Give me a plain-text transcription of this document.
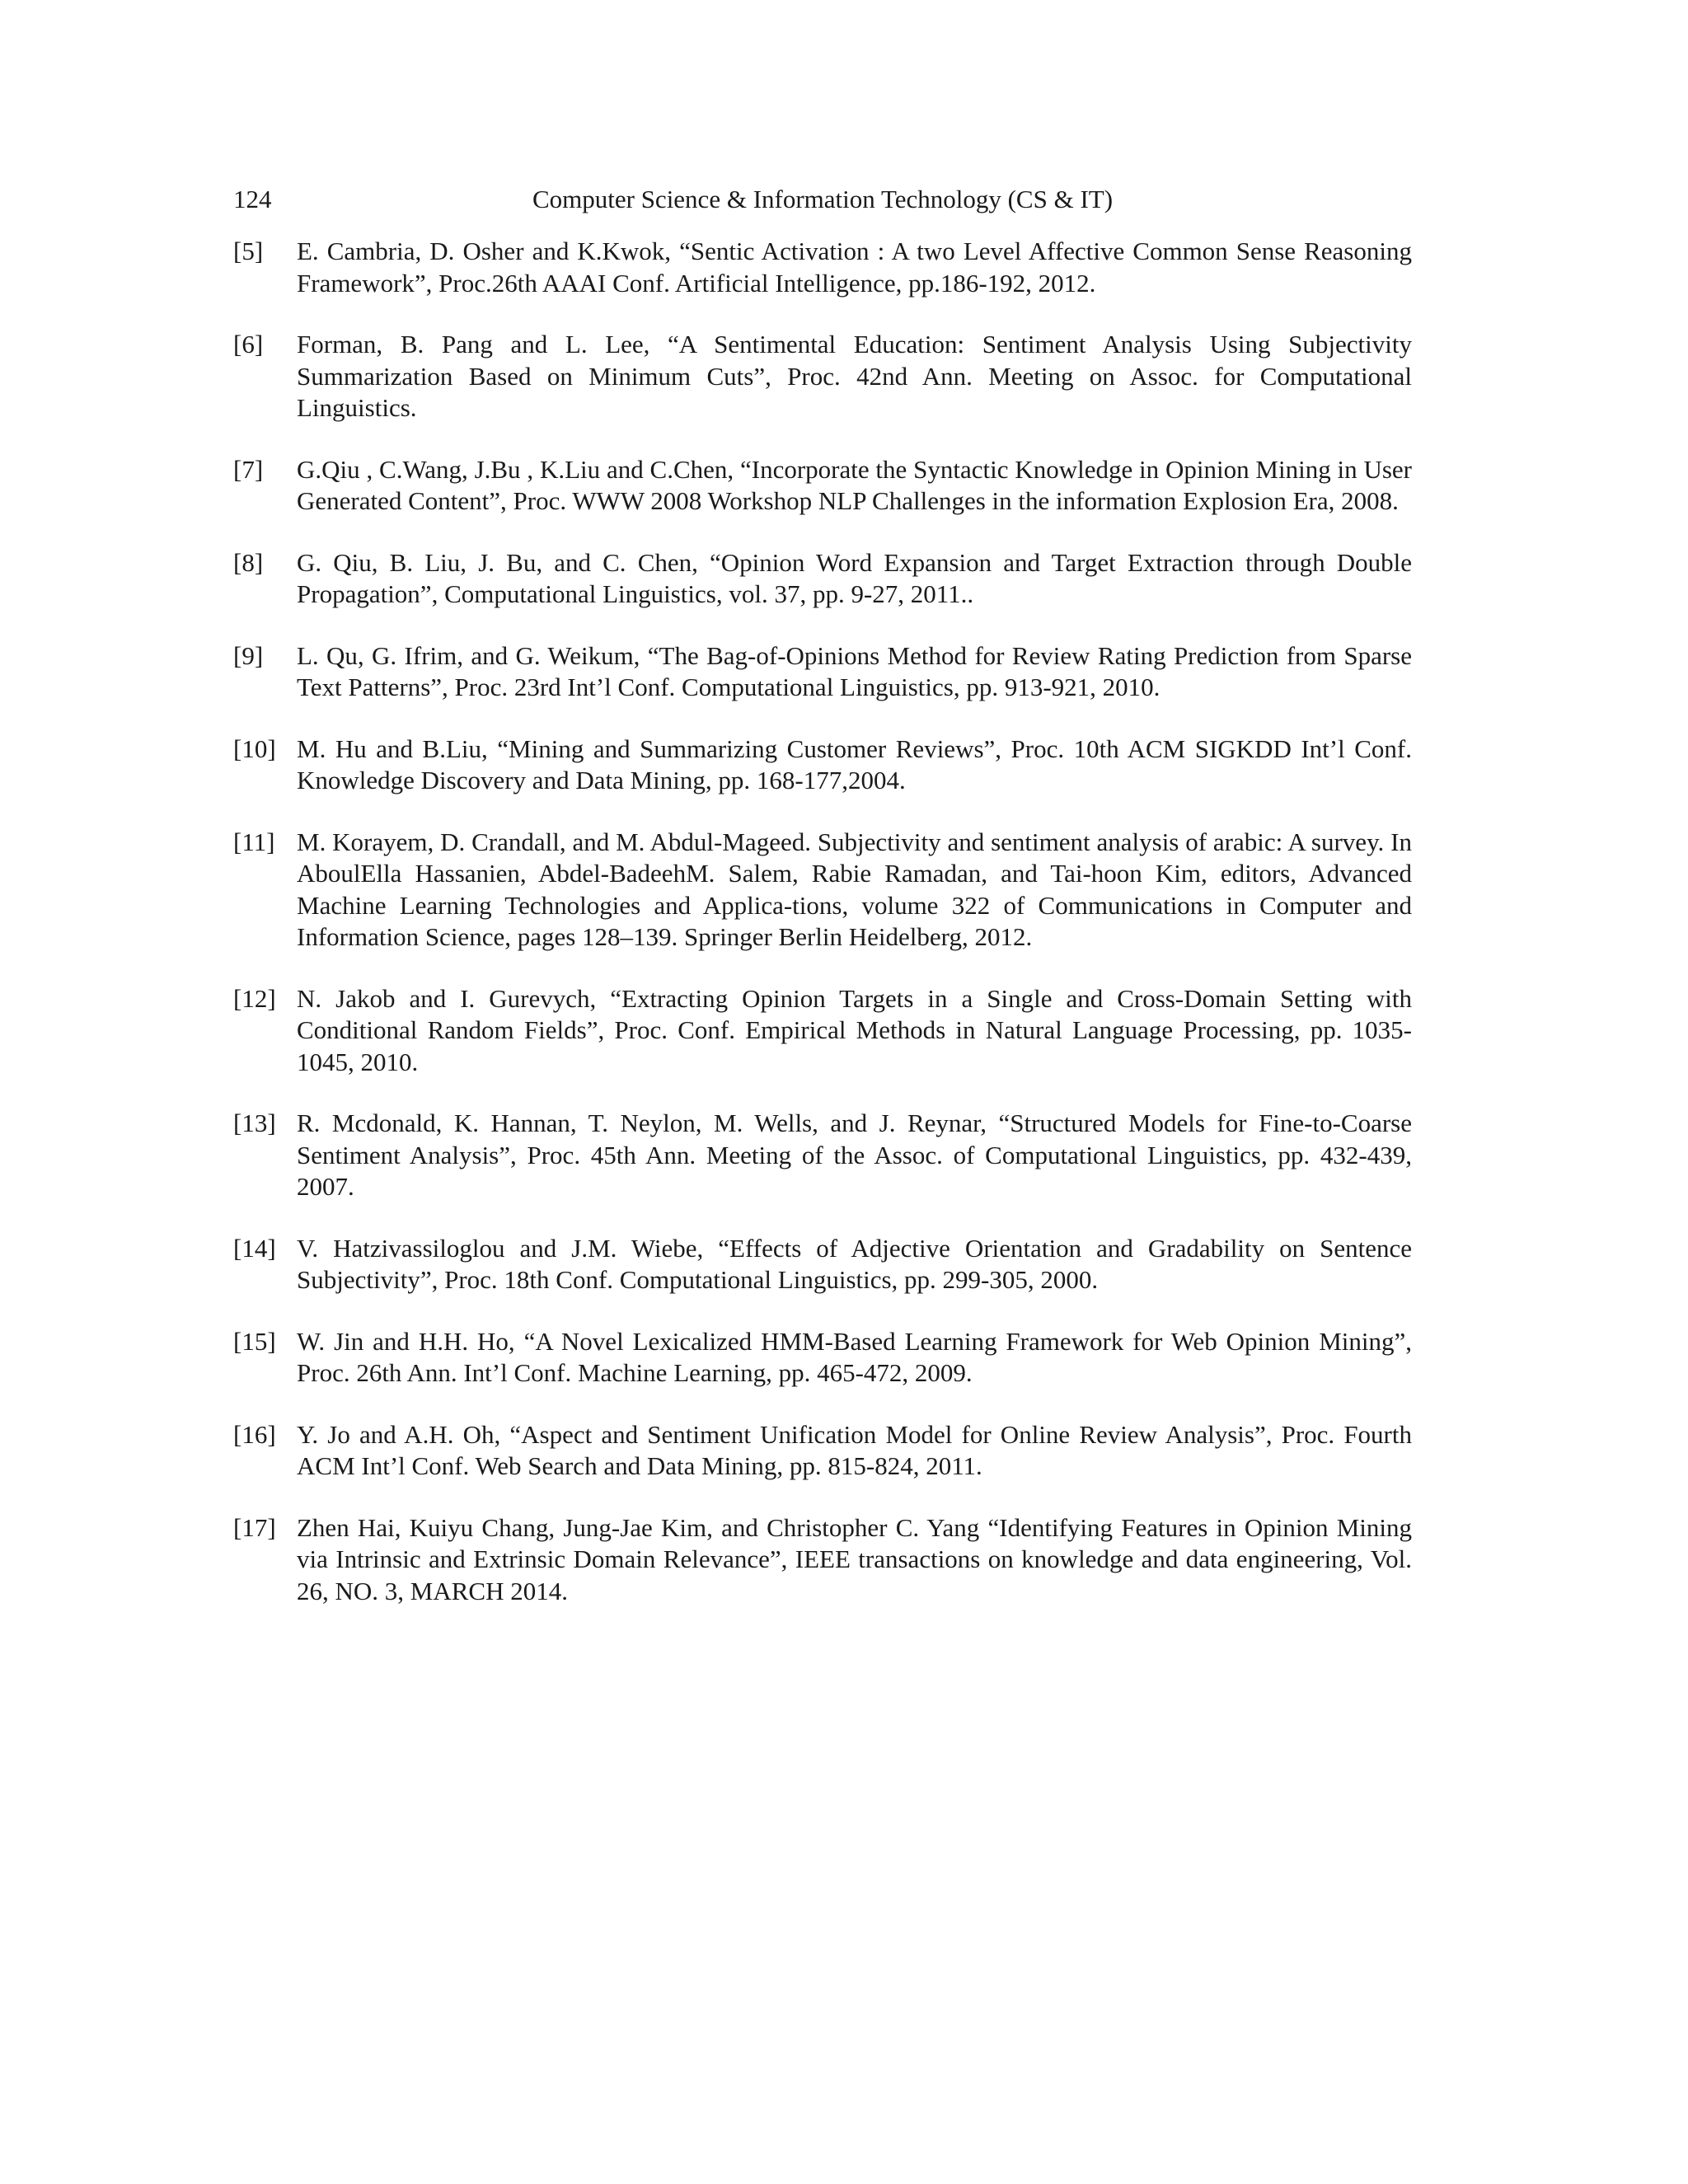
124	Computer Science & Information Technology (CS & IT)
[5] E. Cambria, D. Osher and K.Kwok, “Sentic Activation : A two Level Affective Common Sense Reasoning Framework”, Proc.26th AAAI Conf. Artificial Intelligence, pp.186-192, 2012.
[6] Forman, B. Pang and L. Lee, “A Sentimental Education: Sentiment Analysis Using Subjectivity Summarization Based on Minimum Cuts”, Proc. 42nd Ann. Meeting on Assoc. for Computational Linguistics.
[7] G.Qiu , C.Wang, J.Bu , K.Liu and C.Chen, “Incorporate the Syntactic Knowledge in Opinion Mining in User Generated Content”, Proc. WWW 2008 Workshop NLP Challenges in the information Explosion Era, 2008.
[8] G. Qiu, B. Liu, J. Bu, and C. Chen, “Opinion Word Expansion and Target Extraction through Double Propagation”, Computational Linguistics, vol. 37, pp. 9-27, 2011..
[9] L. Qu, G. Ifrim, and G. Weikum, “The Bag-of-Opinions Method for Review Rating Prediction from Sparse Text Patterns”, Proc. 23rd Int’l Conf. Computational Linguistics, pp. 913-921, 2010.
[10] M. Hu and B.Liu, “Mining and Summarizing Customer Reviews”, Proc. 10th ACM SIGKDD Int’l Conf. Knowledge Discovery and Data Mining, pp. 168-177,2004.
[11] M. Korayem, D. Crandall, and M. Abdul-Mageed. Subjectivity and sentiment analysis of arabic: A survey. In AboulElla Hassanien, Abdel-BadeehM. Salem, Rabie Ramadan, and Tai-hoon Kim, editors, Advanced Machine Learning Technologies and Applica-tions, volume 322 of Communications in Computer and Information Science, pages 128–139. Springer Berlin Heidelberg, 2012.
[12] N. Jakob and I. Gurevych, “Extracting Opinion Targets in a Single and Cross-Domain Setting with Conditional Random Fields”, Proc. Conf. Empirical Methods in Natural Language Processing, pp. 1035-1045, 2010.
[13] R. Mcdonald, K. Hannan, T. Neylon, M. Wells, and J. Reynar, “Structured Models for Fine-to-Coarse Sentiment Analysis”, Proc. 45th Ann. Meeting of the Assoc. of Computational Linguistics, pp. 432-439, 2007.
[14] V. Hatzivassiloglou and J.M. Wiebe, “Effects of Adjective Orientation and Gradability on Sentence Subjectivity”, Proc. 18th Conf. Computational Linguistics, pp. 299-305, 2000.
[15] W. Jin and H.H. Ho, “A Novel Lexicalized HMM-Based Learning Framework for Web Opinion Mining”, Proc. 26th Ann. Int’l Conf. Machine Learning, pp. 465-472, 2009.
[16] Y. Jo and A.H. Oh, “Aspect and Sentiment Unification Model for Online Review Analysis”, Proc. Fourth ACM Int’l Conf. Web Search and Data Mining, pp. 815-824, 2011.
[17] Zhen Hai, Kuiyu Chang, Jung-Jae Kim, and Christopher C. Yang “Identifying Features in Opinion Mining via Intrinsic and Extrinsic Domain Relevance”, IEEE transactions on knowledge and data engineering, Vol. 26, NO. 3, MARCH 2014.
